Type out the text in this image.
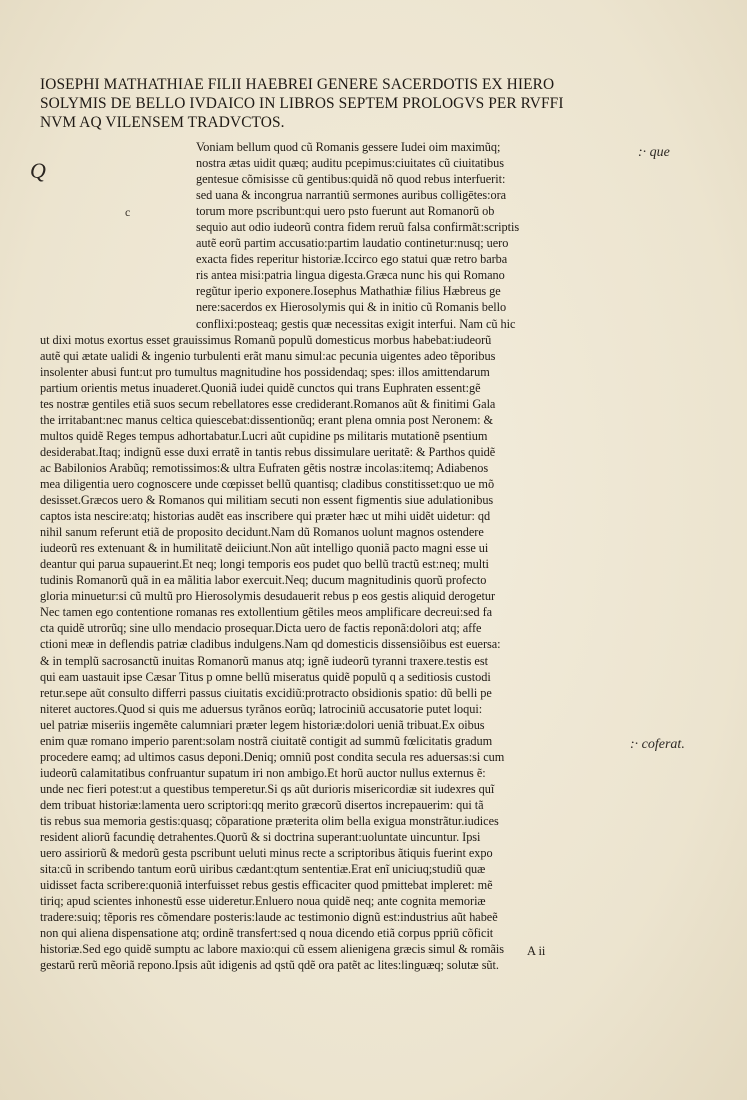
IOSEPHI MATHATHIAE FILII HAEBREI GENERE SACERDOTIS EX HIERO
SOLYMIS DE BELLO IVDAICO IN LIBROS SEPTEM PROLOGVS PER RVFFI
NVM AQ VILENSEM TRADVCTOS.
Q
c
Voniam bellum quod cũ Romanis gessere Iudei oim maximũq;
nostra ætas uidit quæq; auditu pcepimus:ciuitates cũ ciuitatibus
gentesue cõmisisse cũ gentibus:quidã nõ quod rebus interfuerit:
sed uana & incongrua narrantiũ sermones auribus colligētes:ora
torum more pscribunt:qui uero psto fuerunt aut Romanorũ ob
sequio aut odio iudeorũ contra fidem reruũ falsa confirmãt:scriptis
autẽ eorũ partim accusatio:partim laudatio continetur:nusq; uero
exacta fides reperitur historiæ.Iccirco ego statui quæ retro barba
ris antea misi:patria lingua digesta.Græca nunc his qui Romano
regũtur iperio exponere.Iosephus Mathathiæ filius Hæbreus ge
nere:sacerdos ex Hierosolymis qui & in initio cũ Romanis bello
conflixi:posteaq; gestis quæ necessitas exigit interfui. Nam cũ hic
ut dixi motus exortus esset grauissimus Romanũ populũ domesticus morbus habebat:iudeorũ
autẽ qui ætate ualidi & ingenio turbulenti erãt manu simul:ac pecunia uigentes adeo tẽporibus
insolenter abusi funt:ut pro tumultus magnitudine hos possidendaq; spes: illos amittendarum
partium orientis metus inuaderet.Quoniã iudei quidẽ cunctos qui trans Euphraten essent:gẽ
tes nostræ gentiles etiã suos secum rebellatores esse crediderant.Romanos aũt & finitimi Gala
the irritabant:nec manus celtica quiescebat:dissentionũq; erant plena omnia post Neronem: &
multos quidẽ Reges tempus adhortabatur.Lucri aũt cupidine ps militaris mutationẽ psentium
desiderabat.Itaq; indignũ esse duxi erratẽ in tantis rebus dissimulare ueritatẽ: & Parthos quidẽ
ac Babilonios Arabũq; remotissimos:& ultra Eufraten gẽtis nostræ incolas:itemq; Adiabenos
mea diligentia uero cognoscere unde cœpisset bellũ quantisq; cladibus constitisset:quo ue mõ
desisset.Græcos uero & Romanos qui militiam secuti non essent figmentis siue adulationibus
captos ista nescire:atq; historias audẽt eas inscribere qui præter hæc ut mihi uidẽt uidetur: qd
nihil sanum referunt etiã de proposito decidunt.Nam dũ Romanos uolunt magnos ostendere
iudeorũ res extenuant & in humilitatẽ deiiciunt.Non aũt intelligo quoniã pacto magni esse ui
deantur qui parua supauerint.Et neq; longi temporis eos pudet quo bellũ tractũ est:neq; multi
tudinis Romanorũ quã in ea mãlitia labor exercuit.Neq; ducum magnitudinis quorũ profecto
gloria minuetur:si cũ multũ pro Hierosolymis desudauerit rebus p eos gestis aliquid derogetur
Nec tamen ego contentione romanas res extollentium gẽtiles meos amplificare decreui:sed fa
cta quidẽ utrorũq; sine ullo mendacio prosequar.Dicta uero de factis reponã:dolori atq; affe
ctioni meæ in deflendis patriæ cladibus indulgens.Nam qd domesticis dissensiõibus est euersa:
& in templũ sacrosanctũ inuitas Romanorũ manus atq; ignẽ iudeorũ tyranni traxere.testis est
qui eam uastauit ipse Cæsar Titus p omne bellũ miseratus quidẽ populũ q a seditiosis custodi
retur.sepe aũt consulto differri passus ciuitatis excidiũ:protracto obsidionis spatio: dũ belli pe
niteret auctores.Quod si quis me aduersus tyrãnos eorũq; latrociniũ accusatorie putet loqui:
uel patriæ miseriis ingemẽte calumniari præter legem historiæ:dolori ueniã tribuat.Ex oibus
enim quæ romano imperio parent:solam nostrã ciuitatẽ contigit ad summũ fœlicitatis gradum
procedere eamq; ad ultimos casus deponi.Deniq; omniũ post condita secula res aduersas:si cum
iudeorũ calamitatibus confruantur supatum iri non ambigo.Et horũ auctor nullus externus ẽ:
unde nec fieri potest:ut a questibus temperetur.Si qs aũt durioris misericordiæ sit iudexres quĩ
dem tribuat historiæ:lamenta uero scriptori:qq merito græcorũ disertos increpauerim: qui tã
tis rebus sua memoria gestis:quasq; cõparatione præterita olim bella exigua monstrãtur.iudices
resident aliorũ facundię detrahentes.Quorũ & si doctrina superant:uoluntate uincuntur. Ipsi
uero assiriorũ & medorũ gesta pscribunt ueluti minus recte a scriptoribus ãtiquis fuerint expo
sita:cũ in scribendo tantum eorũ uiribus cædant:qtum sententiæ.Erat enĩ uniciuq;studiũ quæ
uidisset facta scribere:quoniã interfuisset rebus gestis efficaciter quod pmittebat impleret: mẽ
tiriq; apud scientes inhonestũ esse uideretur.Enluero noua quidẽ neq; ante cognita memoriæ
tradere:suiq; tẽporis res cõmendare posteris:laude ac testimonio dignũ est:industrius aũt habeẽ
non qui aliena dispensatione atq; ordinẽ transfert:sed q noua dicendo etiã corpus ppriũ cõficit
historiæ.Sed ego quidẽ sumptu ac labore maxio:qui cũ essem alienigena græcis simul & romãis
gestarũ rerũ mẽoriã repono.Ipsis aũt idigenis ad qstũ qdẽ ora patẽt ac lites:linguæq; solutæ sũt.
A ii
:· que
:· coferat.
